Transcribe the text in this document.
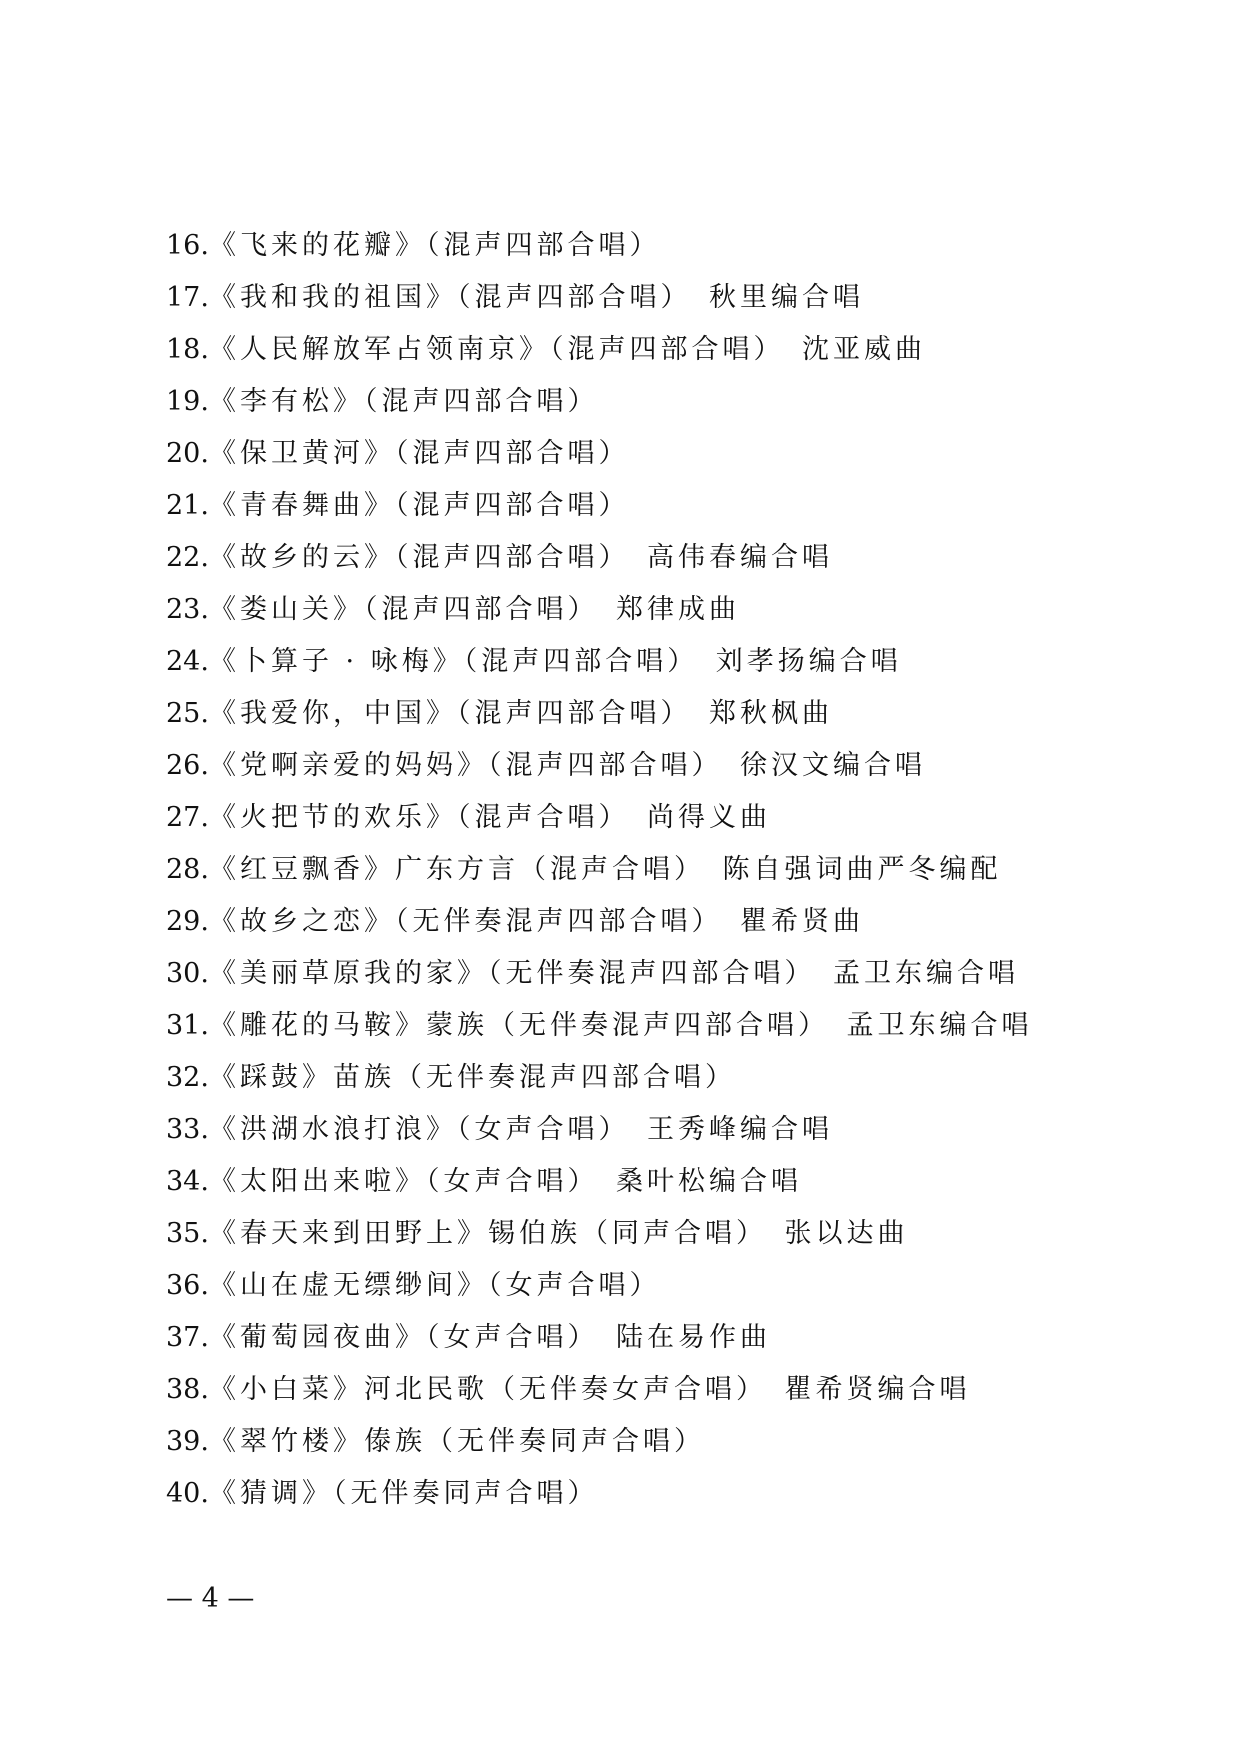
16.《飞来的花瓣》（混声四部合唱）
17.《我和我的祖国》（混声四部合唱）　秋里编合唱
18.《人民解放军占领南京》（混声四部合唱）　沈亚威曲
19.《李有松》（混声四部合唱）
20.《保卫黄河》（混声四部合唱）
21.《青春舞曲》（混声四部合唱）
22.《故乡的云》（混声四部合唱）　高伟春编合唱
23.《娄山关》（混声四部合唱）　郑律成曲
24.《卜算子 · 咏梅》（混声四部合唱）　刘孝扬编合唱
25.《我爱你，中国》（混声四部合唱）　郑秋枫曲
26.《党啊亲爱的妈妈》（混声四部合唱）　徐汉文编合唱
27.《火把节的欢乐》（混声合唱）　尚得义曲
28.《红豆飘香》广东方言（混声合唱）　陈自强词曲严冬编配
29.《故乡之恋》（无伴奏混声四部合唱）　瞿希贤曲
30.《美丽草原我的家》（无伴奏混声四部合唱）　孟卫东编合唱
31.《雕花的马鞍》蒙族（无伴奏混声四部合唱）　孟卫东编合唱
32.《踩鼓》苗族（无伴奏混声四部合唱）
33.《洪湖水浪打浪》（女声合唱）　王秀峰编合唱
34.《太阳出来啦》（女声合唱）　桑叶松编合唱
35.《春天来到田野上》锡伯族（同声合唱）　张以达曲
36.《山在虚无缥缈间》（女声合唱）
37.《葡萄园夜曲》（女声合唱）　陆在易作曲
38.《小白菜》河北民歌（无伴奏女声合唱）　瞿希贤编合唱
39.《翠竹楼》傣族（无伴奏同声合唱）
40.《猜调》（无伴奏同声合唱）
— 4 —
